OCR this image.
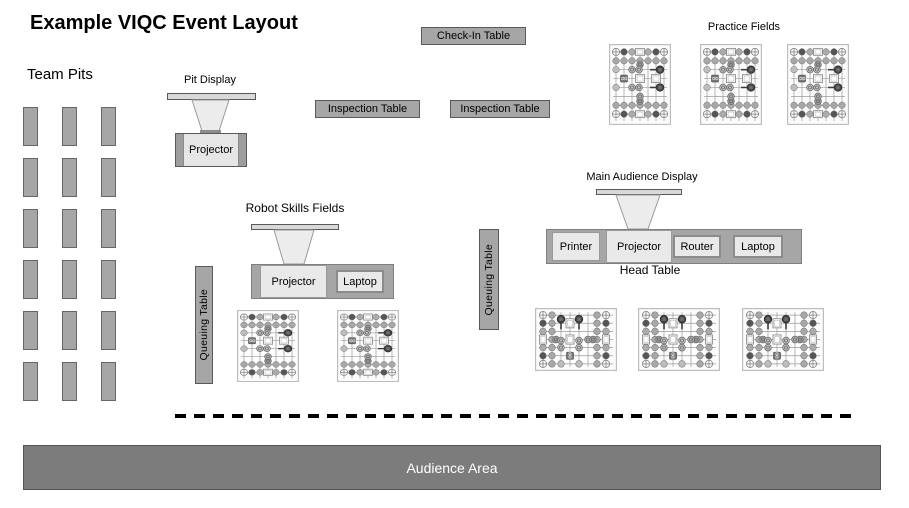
Example VIQC Event Layout
Team Pits	Pit Display
Projector
Check-In Table
Inspection Table	Inspection Table
Practice Fields
Robot Skills Fields
Projector	Laptop
Queuing Table
Main Audience Display
Printer	Projector	Router	Laptop
Head Table
Queuing Table
Audience Area
